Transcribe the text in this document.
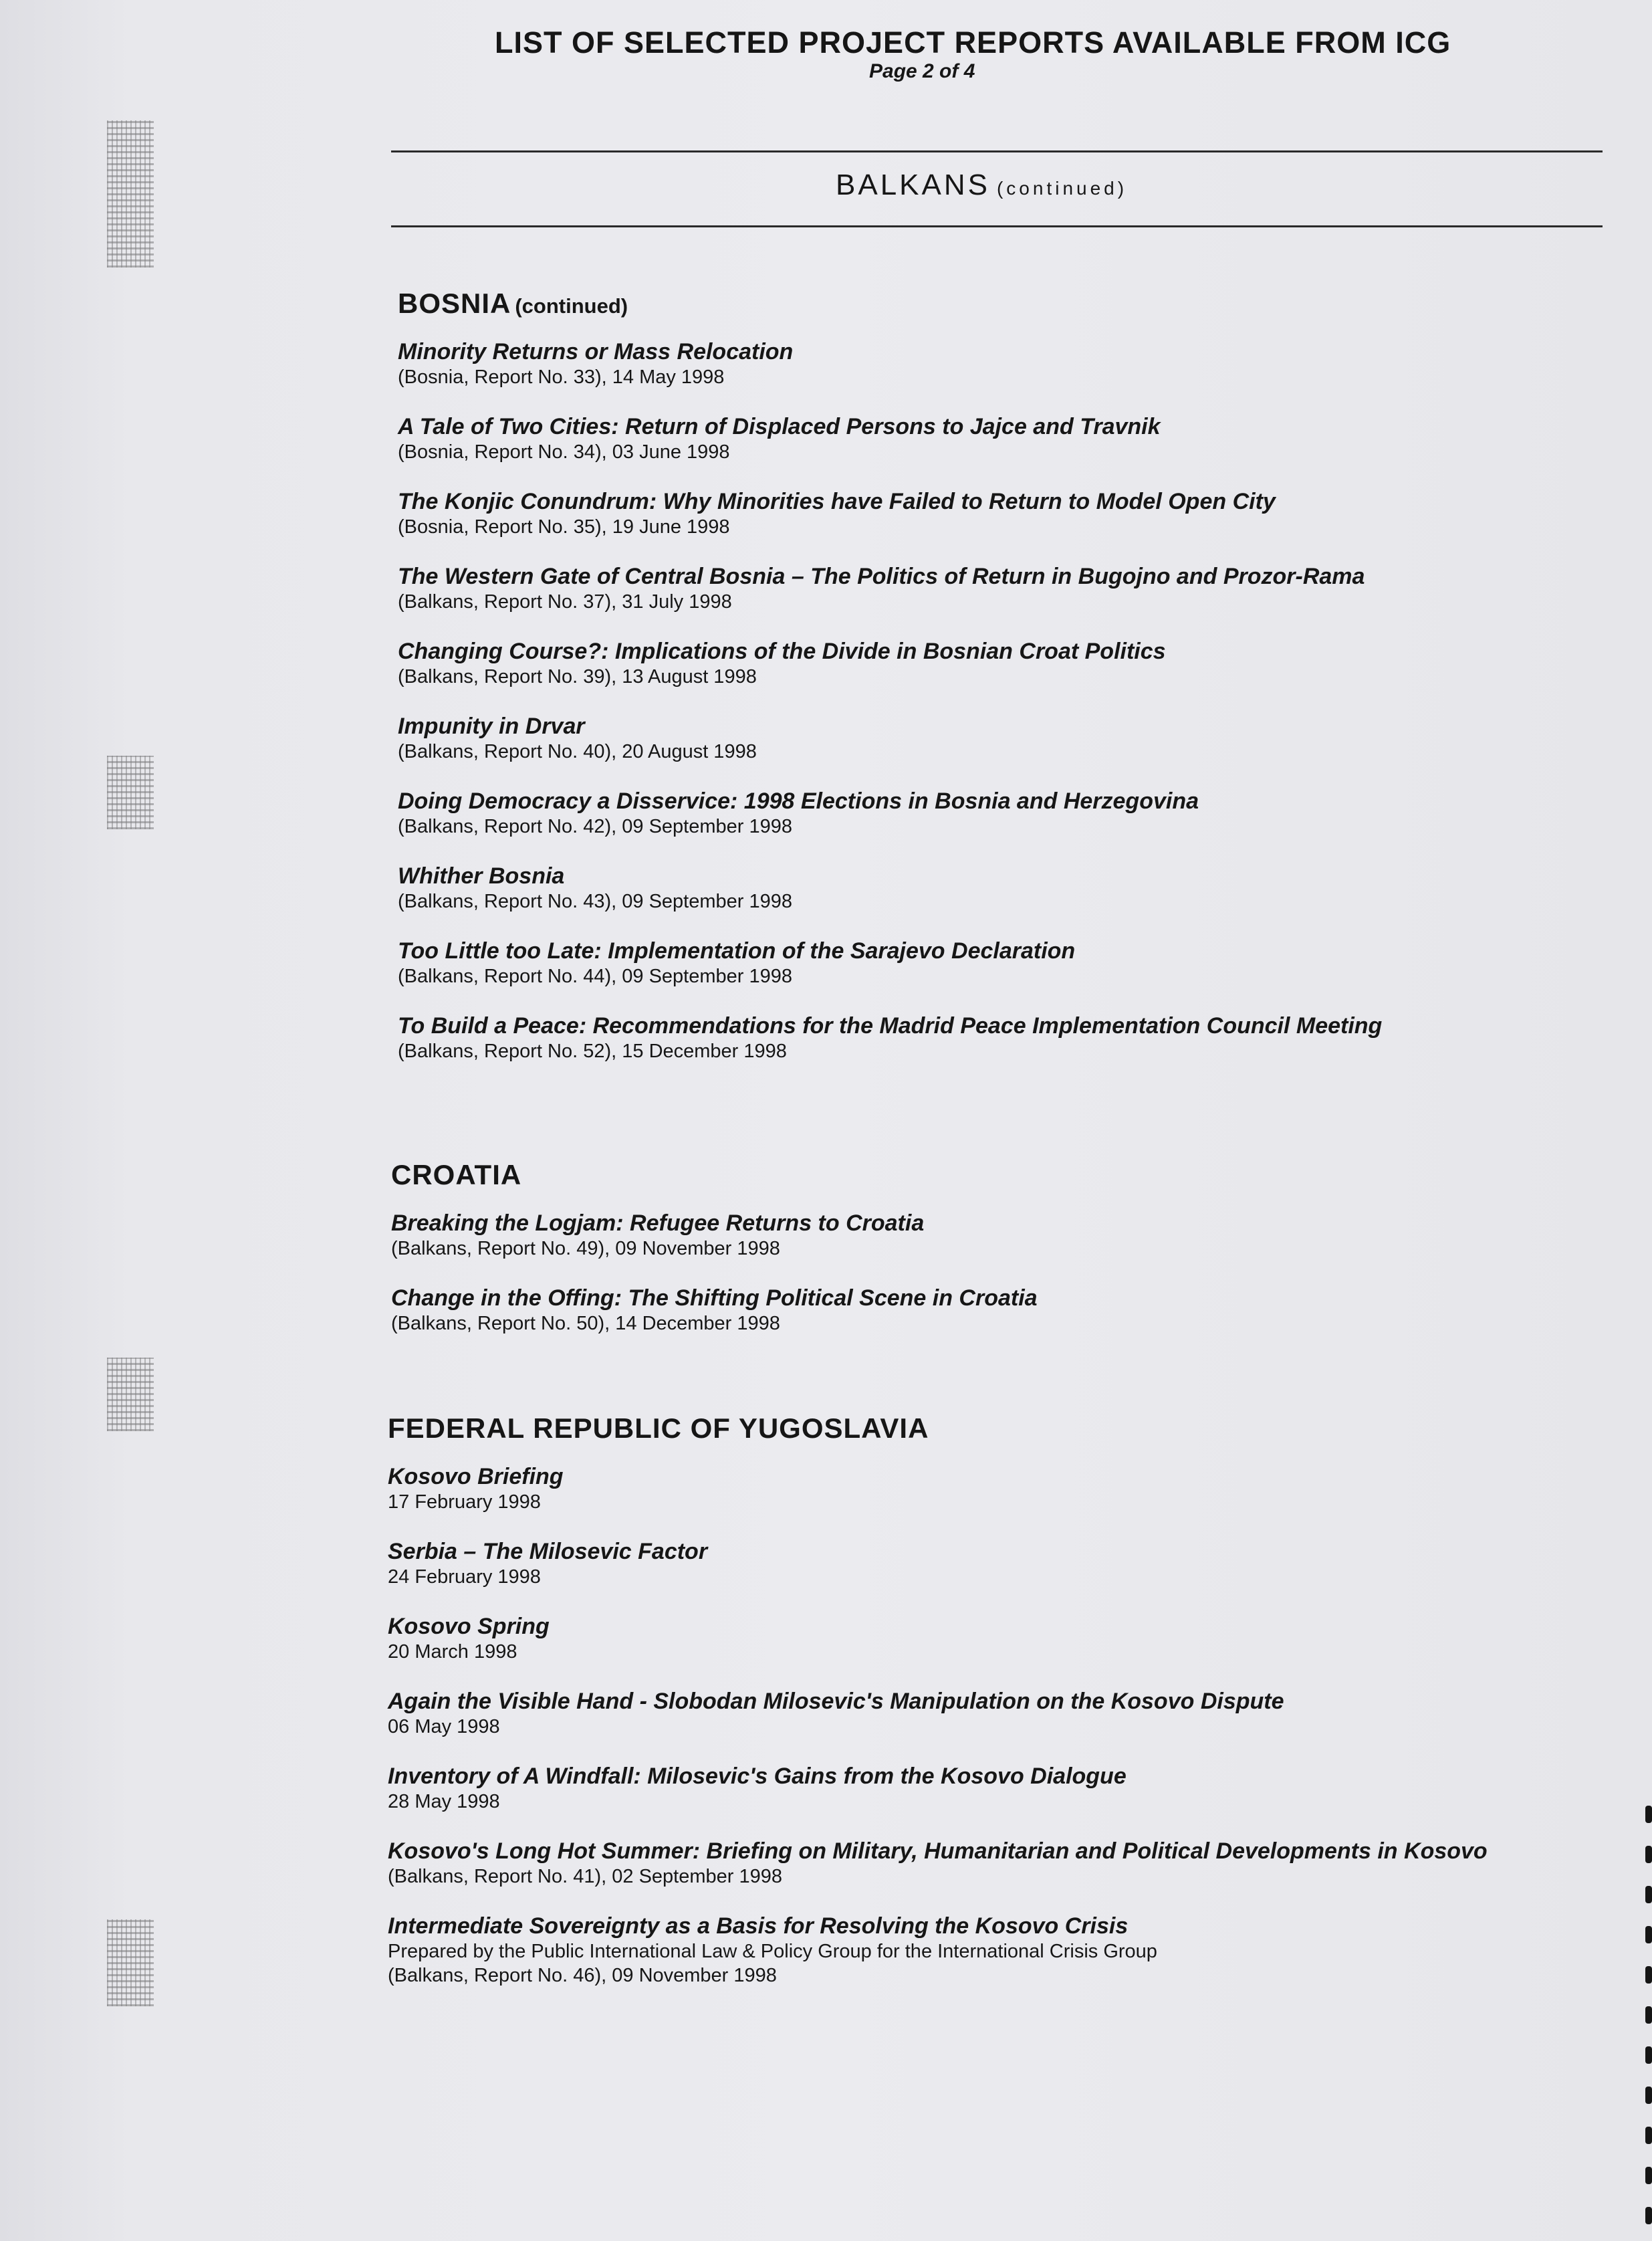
LIST OF SELECTED PROJECT REPORTS AVAILABLE FROM ICG
Page 2 of 4
BALKANS (continued)
BOSNIA (continued)
Minority Returns or Mass Relocation
(Bosnia, Report No. 33), 14 May 1998
A Tale of Two Cities: Return of Displaced Persons to Jajce and Travnik
(Bosnia, Report No. 34), 03 June 1998
The Konjic Conundrum: Why Minorities have Failed to Return to Model Open City
(Bosnia, Report No. 35), 19 June 1998
The Western Gate of Central Bosnia – The Politics of Return in Bugojno and Prozor-Rama
(Balkans, Report No. 37), 31 July 1998
Changing Course?: Implications of the Divide in Bosnian Croat Politics
(Balkans, Report No. 39), 13 August 1998
Impunity in Drvar
(Balkans, Report No. 40), 20 August 1998
Doing Democracy a Disservice: 1998 Elections in Bosnia and Herzegovina
(Balkans, Report No. 42), 09 September 1998
Whither Bosnia
(Balkans, Report No. 43), 09 September 1998
Too Little too Late: Implementation of the Sarajevo Declaration
(Balkans, Report No. 44), 09 September 1998
To Build a Peace: Recommendations for the Madrid Peace Implementation Council Meeting
(Balkans, Report No. 52), 15 December 1998
CROATIA
Breaking the Logjam: Refugee Returns to Croatia
(Balkans, Report No. 49), 09 November 1998
Change in the Offing: The Shifting Political Scene in Croatia
(Balkans, Report No. 50), 14 December 1998
FEDERAL REPUBLIC OF YUGOSLAVIA
Kosovo Briefing
17 February 1998
Serbia – The Milosevic Factor
24 February 1998
Kosovo Spring
20 March 1998
Again the Visible Hand - Slobodan Milosevic's Manipulation on the Kosovo Dispute
06 May 1998
Inventory of A Windfall: Milosevic's Gains from the Kosovo Dialogue
28 May 1998
Kosovo's Long Hot Summer: Briefing on Military, Humanitarian and Political Developments in Kosovo
(Balkans, Report No. 41), 02 September 1998
Intermediate Sovereignty as a Basis for Resolving the Kosovo Crisis
Prepared by the Public International Law & Policy Group for the International Crisis Group
(Balkans, Report No. 46), 09 November 1998
